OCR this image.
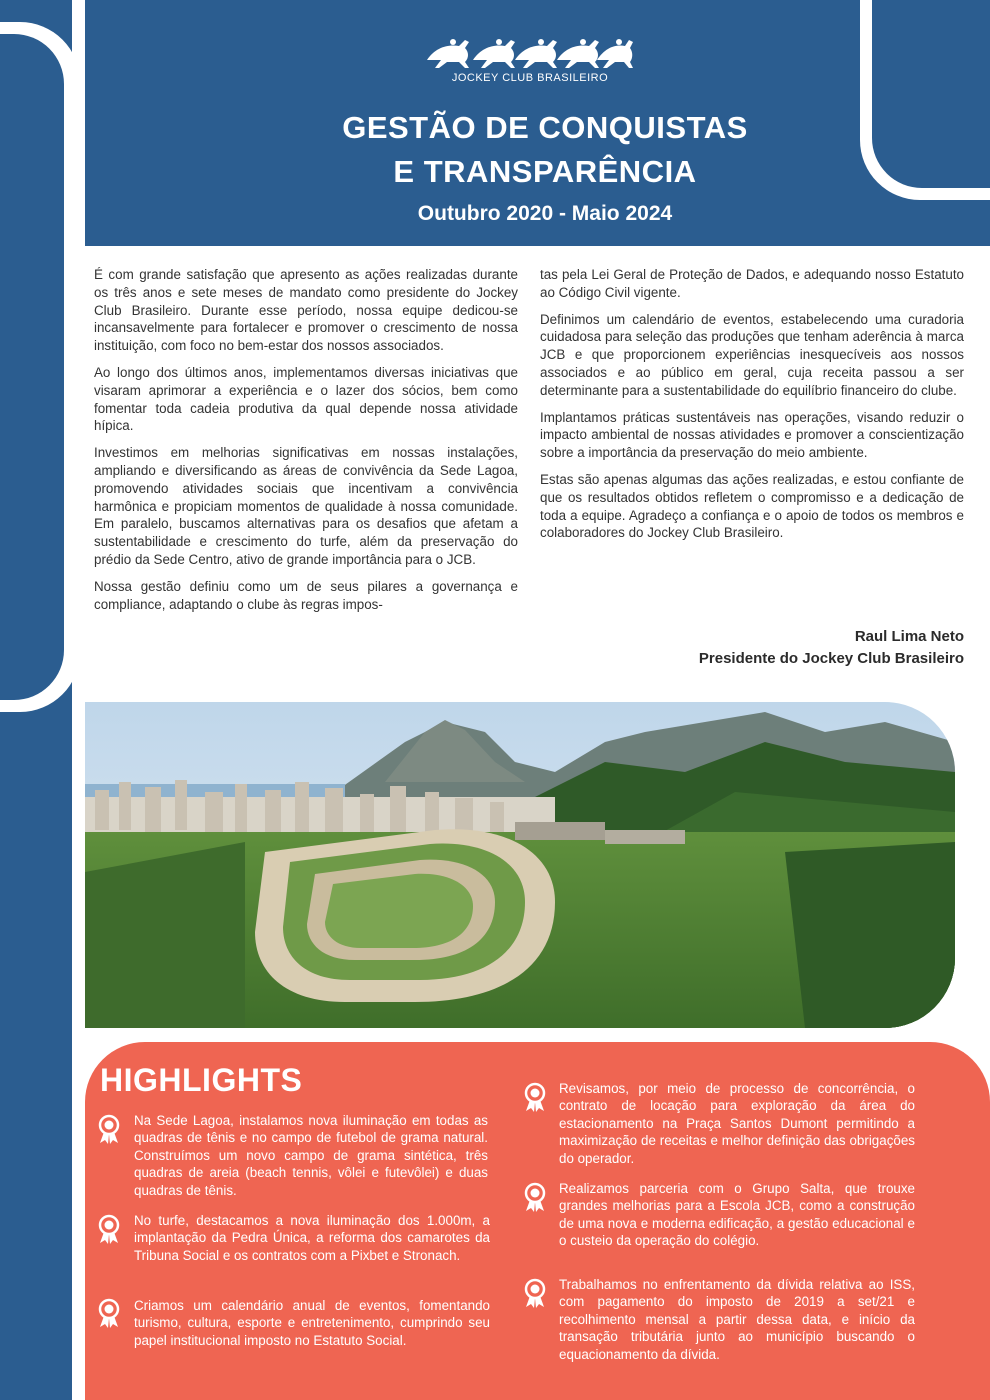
JOCKEY CLUB BRASILEIRO
GESTÃO DE CONQUISTAS
E TRANSPARÊNCIA
Outubro 2020 - Maio 2024

É com grande satisfação que apresento as ações realizadas durante os três anos e sete meses de mandato como presidente do Jockey Club Brasileiro. Durante esse período, nossa equipe dedicou-se incansavelmente para fortalecer e promover o crescimento de nossa instituição, com foco no bem-estar dos nossos associados.

Ao longo dos últimos anos, implementamos diversas iniciativas que visaram aprimorar a experiência e o lazer dos sócios, bem como fomentar toda cadeia produtiva da qual depende nossa atividade hípica.

Investimos em melhorias significativas em nossas instalações, ampliando e diversificando as áreas de convivência da Sede Lagoa, promovendo atividades sociais que incentivam a convivência harmônica e propiciam momentos de qualidade à nossa comunidade. Em paralelo, buscamos alternativas para os desafios que afetam a sustentabilidade e crescimento do turfe, além da preservação do prédio da Sede Centro, ativo de grande importância para o JCB.

Nossa gestão definiu como um de seus pilares a governança e compliance, adaptando o clube às regras impos-

tas pela Lei Geral de Proteção de Dados, e adequando nosso Estatuto ao Código Civil vigente.

Definimos um calendário de eventos, estabelecendo uma curadoria cuidadosa para seleção das produções que tenham aderência à marca JCB e que proporcionem experiências inesquecíveis aos nossos associados e ao público em geral, cuja receita passou a ser determinante para a sustentabilidade do equilíbrio financeiro do clube.

Implantamos práticas sustentáveis nas operações, visando reduzir o impacto ambiental de nossas atividades e promover a conscientização sobre a importância da preservação do meio ambiente.

Estas são apenas algumas das ações realizadas, e estou confiante de que os resultados obtidos refletem o compromisso e a dedicação de toda a equipe. Agradeço a confiança e o apoio de todos os membros e colaboradores do Jockey Club Brasileiro.

Raul Lima Neto
Presidente do Jockey Club Brasileiro
HIGHLIGHTS
Na Sede Lagoa, instalamos nova iluminação em todas as quadras de tênis e no campo de futebol de grama natural. Construímos um novo campo de grama sintética, três quadras de areia (beach tennis, vôlei e futevôlei) e duas quadras de tênis.
No turfe, destacamos a nova iluminação dos 1.000m, a implantação da Pedra Única, a reforma dos camarotes da Tribuna Social e os contratos com a Pixbet e Stronach.
Criamos um calendário anual de eventos, fomentando turismo, cultura, esporte e entretenimento, cumprindo seu papel institucional imposto no Estatuto Social.
Revisamos, por meio de processo de concorrência, o contrato de locação para exploração da área do estacionamento na Praça Santos Dumont permitindo a maximização de receitas e melhor definição das obrigações do operador.
Realizamos parceria com o Grupo Salta, que trouxe grandes melhorias para a Escola JCB, como a construção de uma nova e moderna edificação, a gestão educacional e o custeio da operação do colégio.
Trabalhamos no enfrentamento da dívida relativa ao ISS, com pagamento do imposto de 2019 a set/21 e recolhimento mensal a partir dessa data, e início da transação tributária junto ao município buscando o equacionamento da dívida.
